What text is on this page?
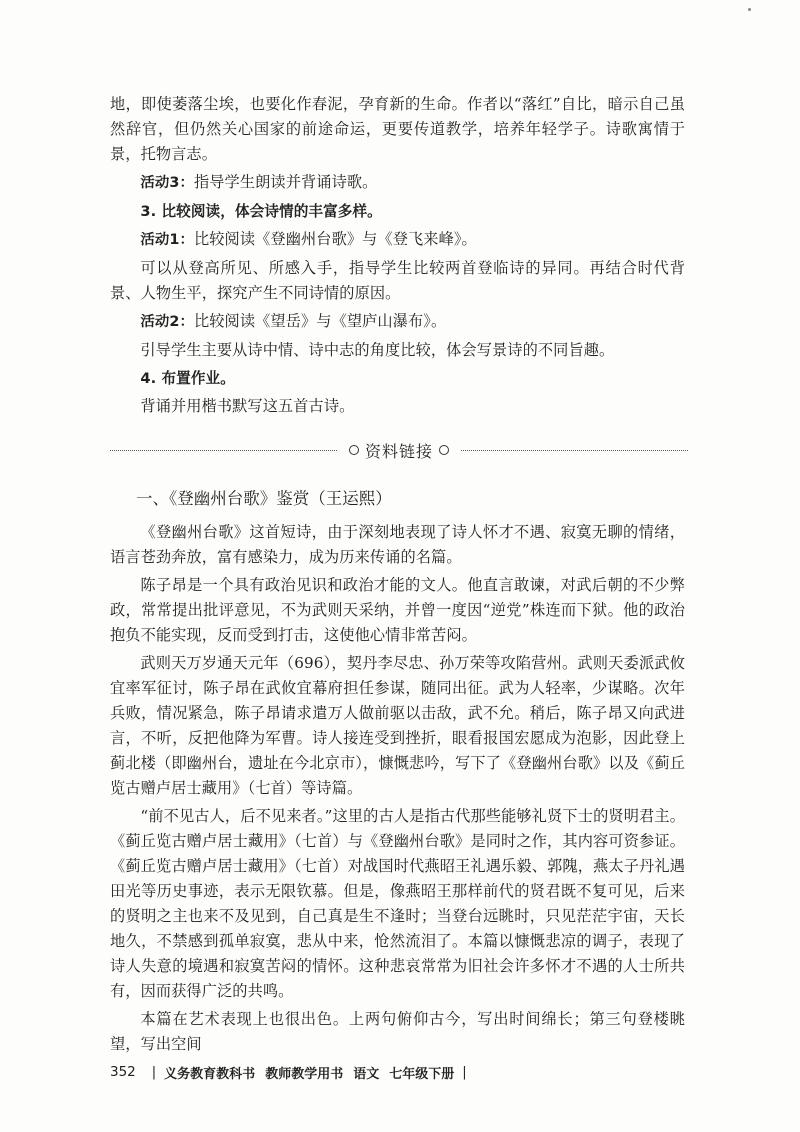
地，即使萎落尘埃，也要化作春泥，孕育新的生命。作者以“落红”自比，暗示自己虽然辞官，但仍然关心国家的前途命运，更要传道教学，培养年轻学子。诗歌寓情于景，托物言志。

活动3：指导学生朗读并背诵诗歌。

3. 比较阅读，体会诗情的丰富多样。

活动1：比较阅读《登幽州台歌》与《登飞来峰》。

可以从登高所见、所感入手，指导学生比较两首登临诗的异同。再结合时代背景、人物生平，探究产生不同诗情的原因。

活动2：比较阅读《望岳》与《望庐山瀑布》。

引导学生主要从诗中情、诗中志的角度比较，体会写景诗的不同旨趣。

4. 布置作业。

背诵并用楷书默写这五首古诗。

资料链接

一、《登幽州台歌》鉴赏（王运熙）

《登幽州台歌》这首短诗，由于深刻地表现了诗人怀才不遇、寂寞无聊的情绪，语言苍劲奔放，富有感染力，成为历来传诵的名篇。

陈子昂是一个具有政治见识和政治才能的文人。他直言敢谏，对武后朝的不少弊政，常常提出批评意见，不为武则天采纳，并曾一度因“逆党”株连而下狱。他的政治抱负不能实现，反而受到打击，这使他心情非常苦闷。

武则天万岁通天元年（696），契丹李尽忠、孙万荣等攻陷营州。武则天委派武攸宜率军征讨，陈子昂在武攸宜幕府担任参谋，随同出征。武为人轻率，少谋略。次年兵败，情况紧急，陈子昂请求遣万人做前驱以击敌，武不允。稍后，陈子昂又向武进言，不听，反把他降为军曹。诗人接连受到挫折，眼看报国宏愿成为泡影，因此登上蓟北楼（即幽州台，遗址在今北京市），慷慨悲吟，写下了《登幽州台歌》以及《蓟丘览古赠卢居士藏用》（七首）等诗篇。

“前不见古人，后不见来者。”这里的古人是指古代那些能够礼贤下士的贤明君主。《蓟丘览古赠卢居士藏用》（七首）与《登幽州台歌》是同时之作，其内容可资参证。《蓟丘览古赠卢居士藏用》（七首）对战国时代燕昭王礼遇乐毅、郭隗，燕太子丹礼遇田光等历史事迹，表示无限钦慕。但是，像燕昭王那样前代的贤君既不复可见，后来的贤明之主也来不及见到，自己真是生不逢时；当登台远眺时，只见茫茫宇宙，天长地久，不禁感到孤单寂寞，悲从中来，怆然流泪了。本篇以慷慨悲凉的调子，表现了诗人失意的境遇和寂寞苦闷的情怀。这种悲哀常常为旧社会许多怀才不遇的人士所共有，因而获得广泛的共鸣。

本篇在艺术表现上也很出色。上两句俯仰古今，写出时间绵长；第三句登楼眺望，写出空间

352 | 义务教育教科书 教师教学用书 语文 七年级下册 |
